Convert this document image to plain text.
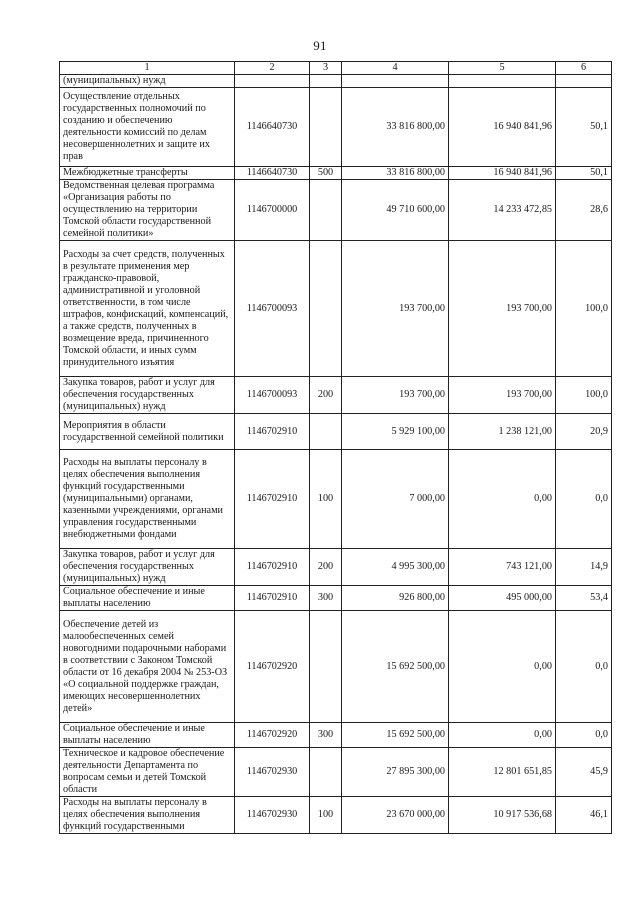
91
1	2	3	4	5	6
(муниципальных) нужд					
Осуществление отдельных государственных полномочий по созданию и обеспечению деятельности комиссий по делам несовершеннолетних и защите их прав	1146640730		33 816 800,00	16 940 841,96	50,1
Межбюджетные трансферты	1146640730	500	33 816 800,00	16 940 841,96	50,1
Ведомственная целевая программа «Организация работы по осуществлению на территории Томской области государственной семейной политики»	1146700000		49 710 600,00	14 233 472,85	28,6
Расходы за счет средств, полученных в результате применения мер гражданско-правовой, административной и уголовной ответственности, в том числе штрафов, конфискаций, компенсаций, а также средств, полученных в возмещение вреда, причиненного Томской области, и иных сумм принудительного изъятия	1146700093		193 700,00	193 700,00	100,0
Закупка товаров, работ и услуг для обеспечения государственных (муниципальных) нужд	1146700093	200	193 700,00	193 700,00	100,0
Мероприятия в области государственной семейной политики	1146702910		5 929 100,00	1 238 121,00	20,9
Расходы на выплаты персоналу в целях обеспечения выполнения функций государственными (муниципальными) органами, казенными учреждениями, органами управления государственными внебюджетными фондами	1146702910	100	7 000,00	0,00	0,0
Закупка товаров, работ и услуг для обеспечения государственных (муниципальных) нужд	1146702910	200	4 995 300,00	743 121,00	14,9
Социальное обеспечение и иные выплаты населению	1146702910	300	926 800,00	495 000,00	53,4
Обеспечение детей из малообеспеченных семей новогодними подарочными наборами в соответствии с Законом Томской области от 16 декабря 2004 № 253-ОЗ «О социальной поддержке граждан, имеющих несовершеннолетних детей»	1146702920		15 692 500,00	0,00	0,0
Социальное обеспечение и иные выплаты населению	1146702920	300	15 692 500,00	0,00	0,0
Техническое и кадровое обеспечение деятельности Департамента по вопросам семьи и детей Томской области	1146702930		27 895 300,00	12 801 651,85	45,9
Расходы на выплаты персоналу в целях обеспечения выполнения функций государственными	1146702930	100	23 670 000,00	10 917 536,68	46,1
